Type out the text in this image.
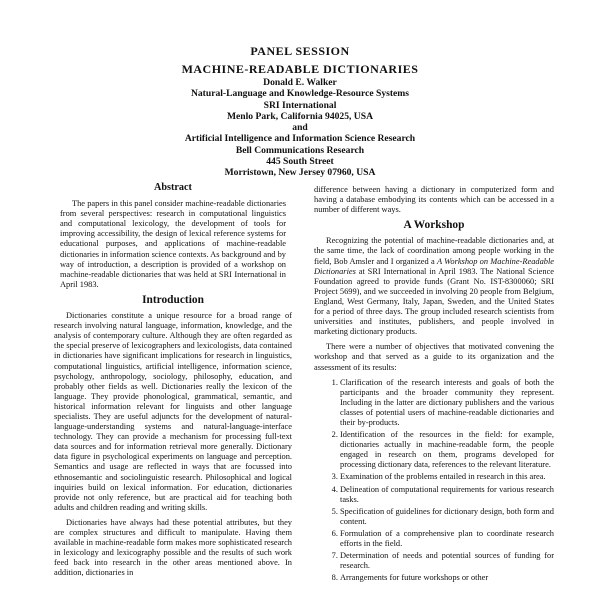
PANEL SESSION
MACHINE-READABLE DICTIONARIES
Donald E. Walker
Natural-Language and Knowledge-Resource Systems
SRI International
Menlo Park, California 94025, USA
and
Artificial Intelligence and Information Science Research
Bell Communications Research
445 South Street
Morristown, New Jersey 07960, USA
Abstract

The papers in this panel consider machine-readable dictionaries from several perspectives: research in computational linguistics and computational lexicology, the development of tools for improving accessibility, the design of lexical reference systems for educational purposes, and applications of machine-readable dictionaries in information science contexts. As background and by way of introduction, a description is provided of a workshop on machine-readable dictionaries that was held at SRI International in April 1983.

Introduction

Dictionaries constitute a unique resource for a broad range of research involving natural language, information, knowledge, and the analysis of contemporary culture. Although they are often regarded as the special preserve of lexicographers and lexicologists, data contained in dictionaries have significant implications for research in linguistics, computational linguistics, artificial intelligence, information science, psychology, anthropology, sociology, philosophy, education, and probably other fields as well. Dictionaries really the lexicon of the language. They provide phonological, grammatical, semantic, and historical information relevant for linguists and other language specialists. They are useful adjuncts for the development of natural-language-understanding systems and natural-language-interface technology. They can provide a mechanism for processing full-text data sources and for information retrieval more generally. Dictionary data figure in psychological experiments on language and perception. Semantics and usage are reflected in ways that are focussed into ethnosemantic and sociolinguistic research. Philosophical and logical inquiries build on lexical information. For education, dictionaries provide not only reference, but are practical aid for teaching both adults and children reading and writing skills.

Dictionaries have always had these potential attributes, but they are complex structures and difficult to manipulate. Having them available in machine-readable form makes more sophisticated research in lexicology and lexicography possible and the results of such work feed back into research in the other areas mentioned above. In addition, dictionaries in

difference between having a dictionary in computerized form and having a database embodying its contents which can be accessed in a number of different ways.

A Workshop

Recognizing the potential of machine-readable dictionaries and, at the same time, the lack of coordination among people working in the field, Bob Amsler and I organized a A Workshop on Machine-Readable Dictionaries at SRI International in April 1983. The National Science Foundation agreed to provide funds (Grant No. IST-8300060; SRI Project 5699), and we succeeded in involving 20 people from Belgium, England, West Germany, Italy, Japan, Sweden, and the United States for a period of three days. The group included research scientists from universities and institutes, publishers, and people involved in marketing dictionary products.

There were a number of objectives that motivated convening the workshop and that served as a guide to its organization and the assessment of its results:

1. Clarification of the research interests and goals of both the participants and the broader community they represent. Including in the latter are dictionary publishers and the various classes of potential users of machine-readable dictionaries and their by-products.
2. Identification of the resources in the field: for example, dictionaries actually in machine-readable form, the people engaged in research on them, programs developed for processing dictionary data, references to the relevant literature.
3. Examination of the problems entailed in research in this area.
4. Delineation of computational requirements for various research tasks.
5. Specification of guidelines for dictionary design, both form and content.
6. Formulation of a comprehensive plan to coordinate research efforts in the field.
7. Determination of needs and potential sources of funding for research.
8. Arrangements for future workshops or other
